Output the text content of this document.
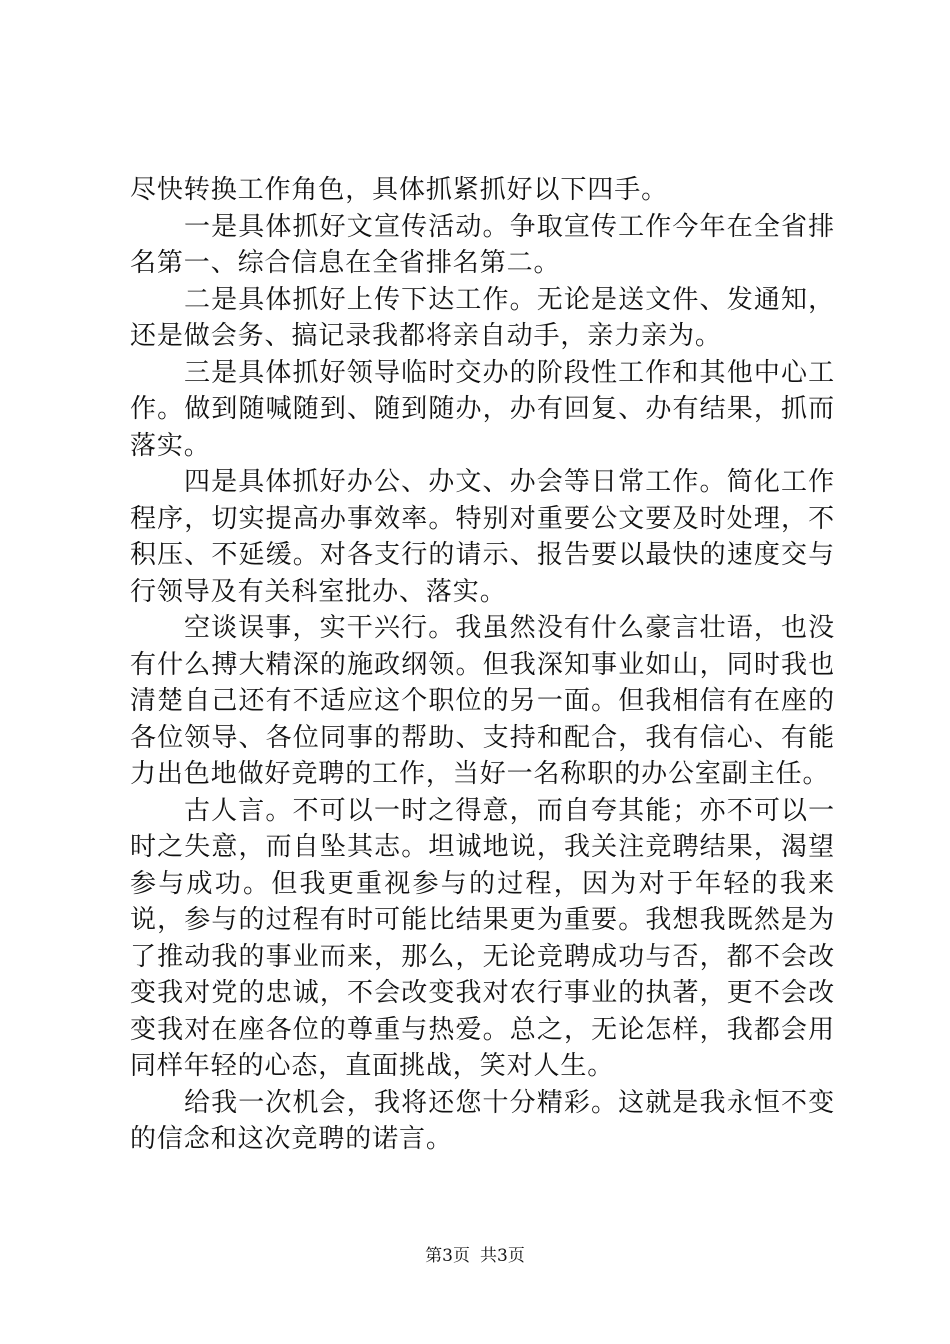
尽快转换工作角色，具体抓紧抓好以下四手。

一是具体抓好文宣传活动。争取宣传工作今年在全省排名第一、综合信息在全省排名第二。

二是具体抓好上传下达工作。无论是送文件、发通知，还是做会务、搞记录我都将亲自动手，亲力亲为。

三是具体抓好领导临时交办的阶段性工作和其他中心工作。做到随喊随到、随到随办，办有回复、办有结果，抓而落实。

四是具体抓好办公、办文、办会等日常工作。简化工作程序，切实提高办事效率。特别对重要公文要及时处理，不积压、不延缓。对各支行的请示、报告要以最快的速度交与行领导及有关科室批办、落实。

空谈误事，实干兴行。我虽然没有什么豪言壮语，也没有什么搏大精深的施政纲领。但我深知事业如山，同时我也清楚自己还有不适应这个职位的另一面。但我相信有在座的各位领导、各位同事的帮助、支持和配合，我有信心、有能力出色地做好竞聘的工作，当好一名称职的办公室副主任。

古人言。不可以一时之得意，而自夸其能；亦不可以一时之失意，而自坠其志。坦诚地说，我关注竞聘结果，渴望参与成功。但我更重视参与的过程，因为对于年轻的我来说，参与的过程有时可能比结果更为重要。我想我既然是为了推动我的事业而来，那么，无论竞聘成功与否，都不会改变我对党的忠诚，不会改变我对农行事业的执著，更不会改变我对在座各位的尊重与热爱。总之，无论怎样，我都会用同样年轻的心态，直面挑战，笑对人生。

给我一次机会，我将还您十分精彩。这就是我永恒不变的信念和这次竞聘的诺言。

第3页 共3页
